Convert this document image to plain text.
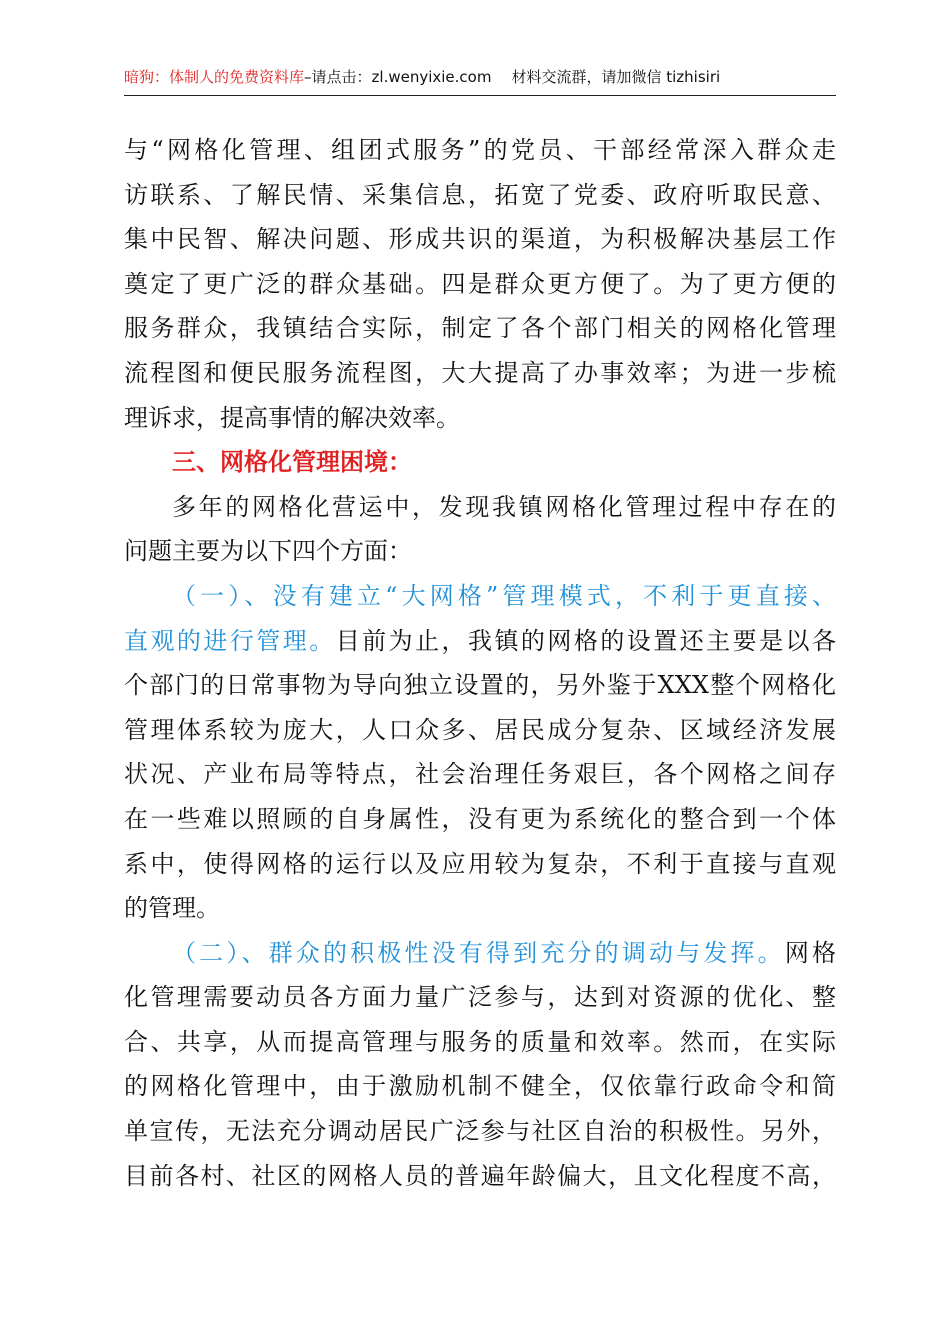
暗狗：体制人的免费资料库–请点击：zl.wenyixie.com 材料交流群，请加微信 tizhisiri
与“网格化管理、组团式服务”的党员、干部经常深入群众走
访联系、了解民情、采集信息，拓宽了党委、政府听取民意、
集中民智、解决问题、形成共识的渠道，为积极解决基层工作
奠定了更广泛的群众基础。四是群众更方便了。为了更方便的
服务群众，我镇结合实际，制定了各个部门相关的网格化管理
流程图和便民服务流程图，大大提高了办事效率；为进一步梳
理诉求，提高事情的解决效率。
三、网格化管理困境：
多年的网格化营运中，发现我镇网格化管理过程中存在的
问题主要为以下四个方面：
（一）、没有建立“大网格”管理模式，不利于更直接、
直观的进行管理。目前为止，我镇的网格的设置还主要是以各
个部门的日常事物为导向独立设置的，另外鉴于XXX整个网格化
管理体系较为庞大，人口众多、居民成分复杂、区域经济发展
状况、产业布局等特点，社会治理任务艰巨，各个网格之间存
在一些难以照顾的自身属性，没有更为系统化的整合到一个体
系中，使得网格的运行以及应用较为复杂，不利于直接与直观
的管理。
（二）、群众的积极性没有得到充分的调动与发挥。网格
化管理需要动员各方面力量广泛参与，达到对资源的优化、整
合、共享，从而提高管理与服务的质量和效率。然而，在实际
的网格化管理中，由于激励机制不健全，仅依靠行政命令和简
单宣传，无法充分调动居民广泛参与社区自治的积极性。另外，
目前各村、社区的网格人员的普遍年龄偏大，且文化程度不高，
